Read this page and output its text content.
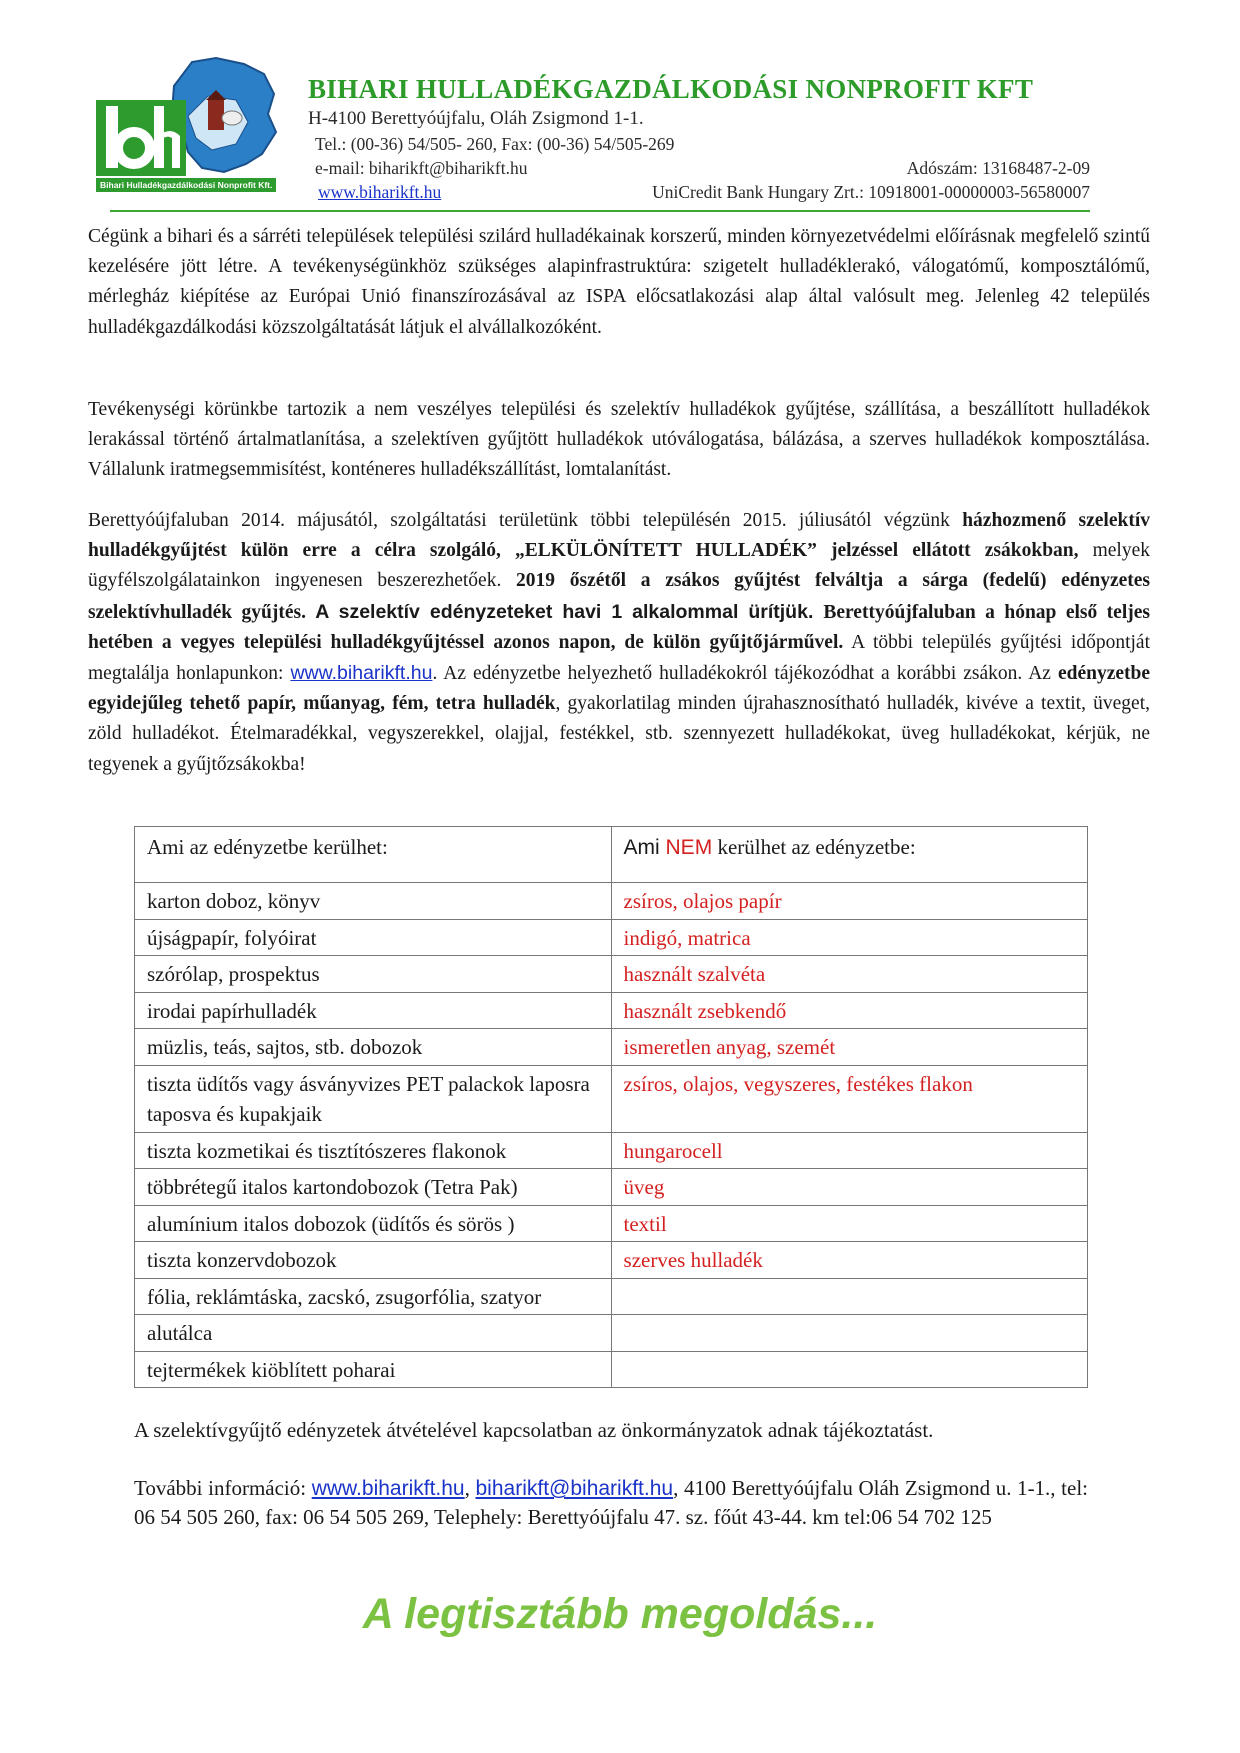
Bihari Hulladékgazdálkodási Nonprofit Kft.
BIHARI HULLADÉKGAZDÁLKODÁSI NONPROFIT KFT
H-4100 Berettyóújfalu, Oláh Zsigmond 1-1.
Tel.: (00-36) 54/505- 260, Fax: (00-36) 54/505-269
e-mail: biharikft@biharikft.hu	Adószám: 13168487-2-09
www.biharikft.hu	UniCredit Bank Hungary Zrt.: 10918001-00000003-56580007

Cégünk a bihari és a sárréti települések települési szilárd hulladékainak korszerű, minden környezetvédelmi előírásnak megfelelő szintű kezelésére jött létre. A tevékenységünkhöz szükséges alapinfrastruktúra: szigetelt hulladéklerakó, válogatómű, komposztálómű, mérlegház kiépítése az Európai Unió finanszírozásával az ISPA előcsatlakozási alap által valósult meg. Jelenleg 42 település hulladékgazdálkodási közszolgáltatását látjuk el alvállalkozóként.

Tevékenységi körünkbe tartozik a nem veszélyes települési és szelektív hulladékok gyűjtése, szállítása, a beszállított hulladékok lerakással történő ártalmatlanítása, a szelektíven gyűjtött hulladékok utóválogatása, bálázása, a szerves hulladékok komposztálása. Vállalunk iratmegsemmisítést, konténeres hulladékszállítást, lomtalanítást.

Berettyóújfaluban 2014. májusától, szolgáltatási területünk többi településén 2015. júliusától végzünk házhozmenő szelektív hulladékgyűjtést külön erre a célra szolgáló, „ELKÜLÖNÍTETT HULLADÉK” jelzéssel ellátott zsákokban, melyek ügyfélszolgálatainkon ingyenesen beszerezhetőek. 2019 őszétől a zsákos gyűjtést felváltja a sárga (fedelű) edényzetes szelektívhulladék gyűjtés. A szelektív edényzeteket havi 1 alkalommal ürítjük. Berettyóújfaluban a hónap első teljes hetében a vegyes települési hulladékgyűjtéssel azonos napon, de külön gyűjtőjárművel. A többi település gyűjtési időpontját megtalálja honlapunkon: www.biharikft.hu. Az edényzetbe helyezhető hulladékokról tájékozódhat a korábbi zsákon. Az edényzetbe egyidejűleg tehető papír, műanyag, fém, tetra hulladék, gyakorlatilag minden újrahasznosítható hulladék, kivéve a textit, üveget, zöld hulladékot. Ételmaradékkal, vegyszerekkel, olajjal, festékkel, stb. szennyezett hulladékokat, üveg hulladékokat, kérjük, ne tegyenek a gyűjtőzsákokba!

Ami az edényzetbe kerülhet:	Ami NEM kerülhet az edényzetbe:
karton doboz, könyv	zsíros, olajos papír
újságpapír, folyóirat	indigó, matrica
szórólap, prospektus	használt szalvéta
irodai papírhulladék	használt zsebkendő
müzlis, teás, sajtos, stb. dobozok	ismeretlen anyag, szemét
tiszta üdítős vagy ásványvizes PET palackok laposra taposva és kupakjaik	zsíros, olajos, vegyszeres, festékes flakon
tiszta kozmetikai és tisztítószeres flakonok	hungarocell
többrétegű italos kartondobozok (Tetra Pak)	üveg
alumínium italos dobozok (üdítős és sörös )	textil
tiszta konzervdobozok	szerves hulladék
fólia, reklámtáska, zacskó, zsugorfólia, szatyor	
alutálca	
tejtermékek kiöblített poharai	
A szelektívgyűjtő edényzetek átvételével kapcsolatban az önkormányzatok adnak tájékoztatást.

További információ: www.biharikft.hu, biharikft@biharikft.hu, 4100 Berettyóújfalu Oláh Zsigmond u. 1-1., tel: 06 54 505 260, fax: 06 54 505 269, Telephely: Berettyóújfalu 47. sz. főút 43-44. km tel:06 54 702 125

A legtisztább megoldás...
